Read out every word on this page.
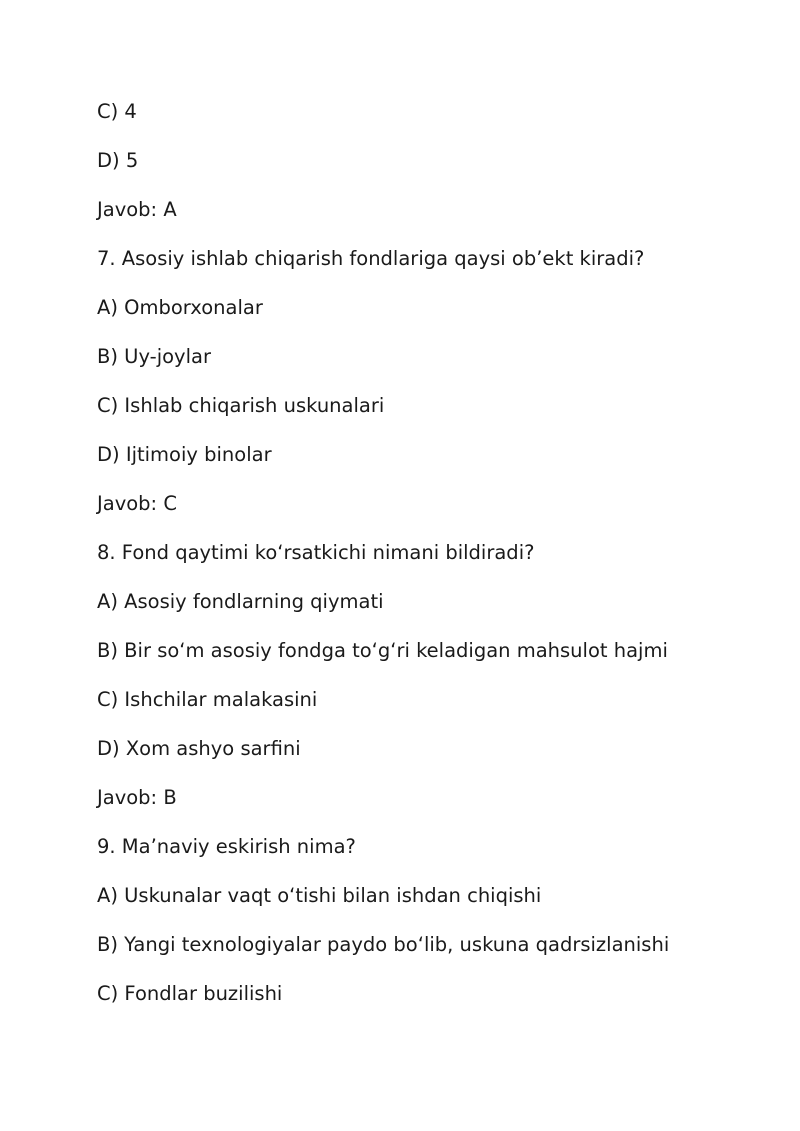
C) 4
D) 5
Javob: A
7. Asosiy ishlab chiqarish fondlariga qaysi ob’ekt kiradi?
A) Omborxonalar
B) Uy-joylar
C) Ishlab chiqarish uskunalari
D) Ijtimoiy binolar
Javob: C
8. Fond qaytimi ko‘rsatkichi nimani bildiradi?
A) Asosiy fondlarning qiymati
B) Bir so‘m asosiy fondga to‘g‘ri keladigan mahsulot hajmi
C) Ishchilar malakasini
D) Xom ashyo sarfini
Javob: B
9. Ma’naviy eskirish nima?
A) Uskunalar vaqt o‘tishi bilan ishdan chiqishi
B) Yangi texnologiyalar paydo bo‘lib, uskuna qadrsizlanishi
C) Fondlar buzilishi
